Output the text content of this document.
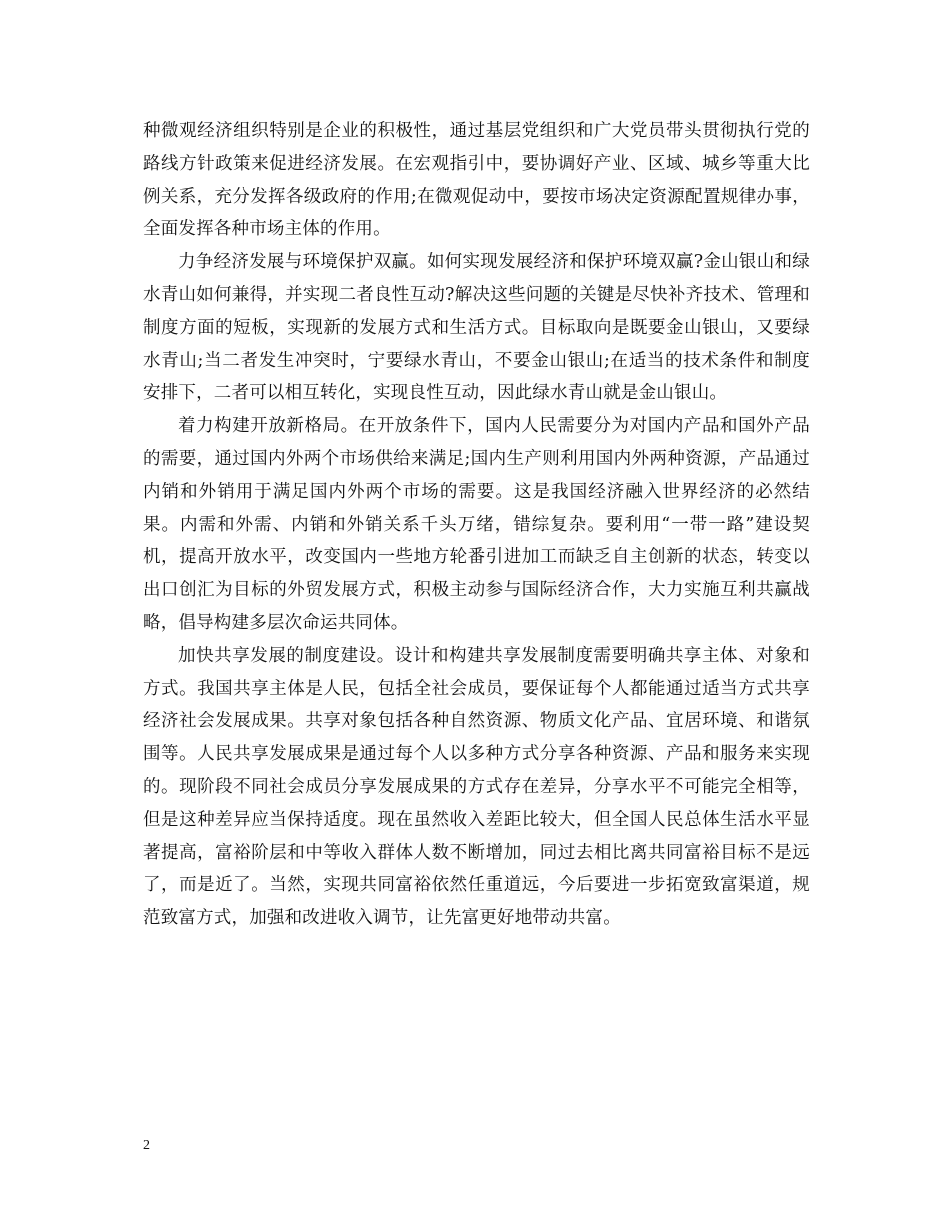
种微观经济组织特别是企业的积极性，通过基层党组织和广大党员带头贯彻执行党的路线方针政策来促进经济发展。在宏观指引中，要协调好产业、区域、城乡等重大比例关系，充分发挥各级政府的作用;在微观促动中，要按市场决定资源配置规律办事，全面发挥各种市场主体的作用。

力争经济发展与环境保护双赢。如何实现发展经济和保护环境双赢?金山银山和绿水青山如何兼得，并实现二者良性互动?解决这些问题的关键是尽快补齐技术、管理和制度方面的短板，实现新的发展方式和生活方式。目标取向是既要金山银山，又要绿水青山;当二者发生冲突时，宁要绿水青山，不要金山银山;在适当的技术条件和制度安排下，二者可以相互转化，实现良性互动，因此绿水青山就是金山银山。

着力构建开放新格局。在开放条件下，国内人民需要分为对国内产品和国外产品的需要，通过国内外两个市场供给来满足;国内生产则利用国内外两种资源，产品通过内销和外销用于满足国内外两个市场的需要。这是我国经济融入世界经济的必然结果。内需和外需、内销和外销关系千头万绪，错综复杂。要利用“一带一路”建设契机，提高开放水平，改变国内一些地方轮番引进加工而缺乏自主创新的状态，转变以出口创汇为目标的外贸发展方式，积极主动参与国际经济合作，大力实施互利共赢战略，倡导构建多层次命运共同体。

加快共享发展的制度建设。设计和构建共享发展制度需要明确共享主体、对象和方式。我国共享主体是人民，包括全社会成员，要保证每个人都能通过适当方式共享经济社会发展成果。共享对象包括各种自然资源、物质文化产品、宜居环境、和谐氛围等。人民共享发展成果是通过每个人以多种方式分享各种资源、产品和服务来实现的。现阶段不同社会成员分享发展成果的方式存在差异，分享水平不可能完全相等，但是这种差异应当保持适度。现在虽然收入差距比较大，但全国人民总体生活水平显著提高，富裕阶层和中等收入群体人数不断增加，同过去相比离共同富裕目标不是远了，而是近了。当然，实现共同富裕依然任重道远，今后要进一步拓宽致富渠道，规范致富方式，加强和改进收入调节，让先富更好地带动共富。

2
